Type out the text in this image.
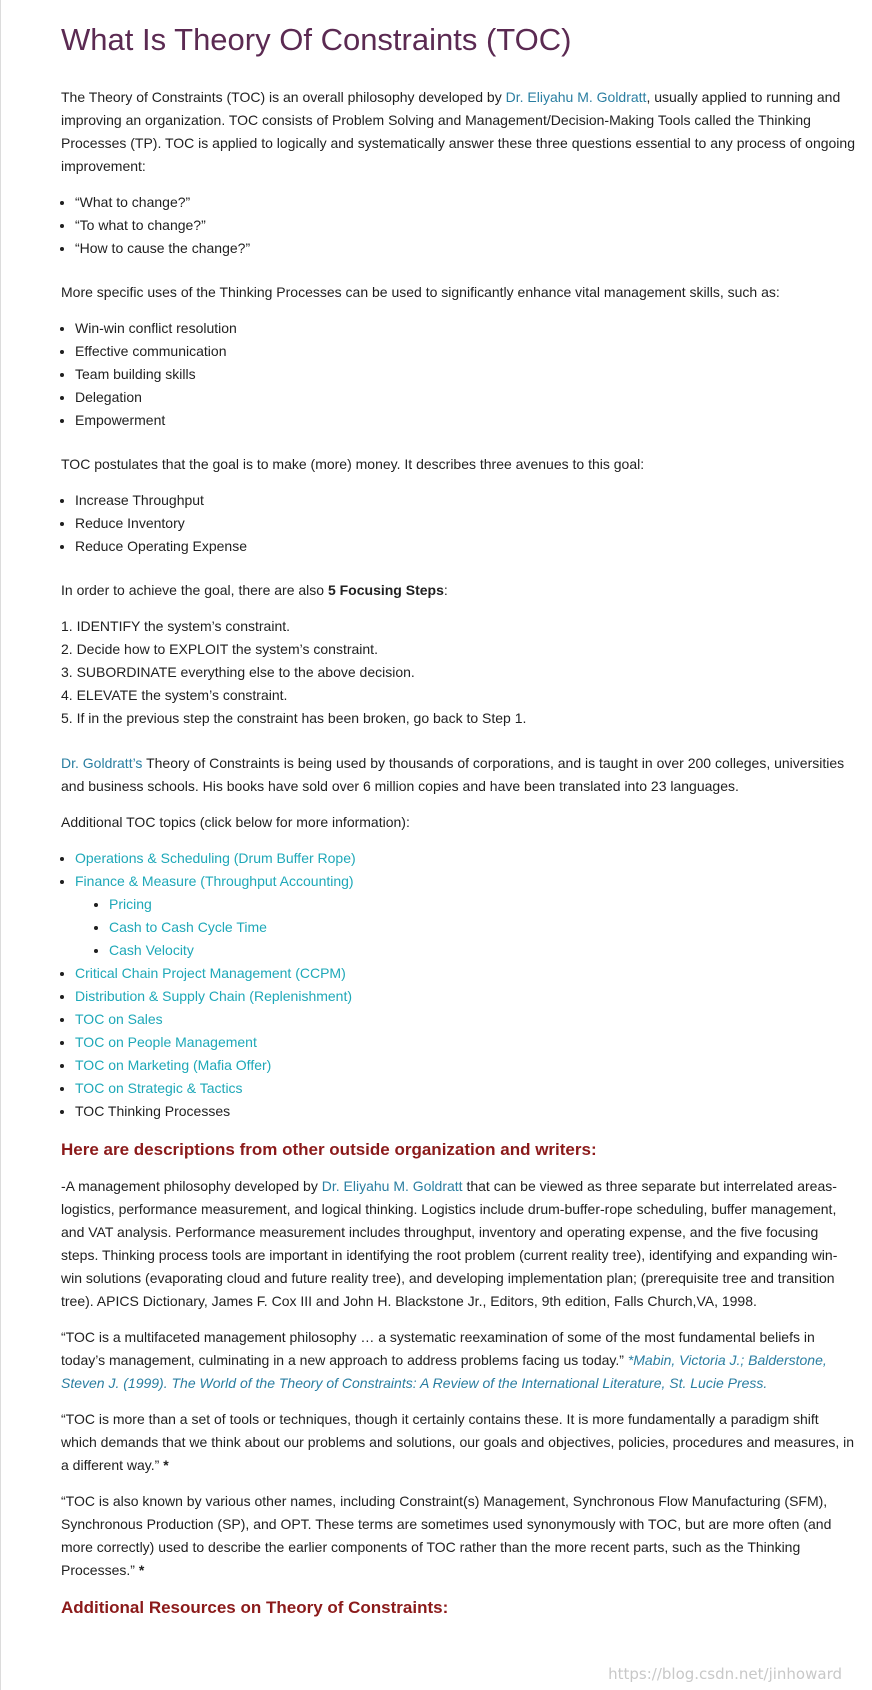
What Is Theory Of Constraints (TOC)

The Theory of Constraints (TOC) is an overall philosophy developed by Dr. Eliyahu M. Goldratt, usually applied to running and improving an organization. TOC consists of Problem Solving and Management/Decision-Making Tools called the Thinking Processes (TP). TOC is applied to logically and systematically answer these three questions essential to any process of ongoing improvement:

• “What to change?”
• “To what to change?”
• “How to cause the change?”

More specific uses of the Thinking Processes can be used to significantly enhance vital management skills, such as:

• Win-win conflict resolution
• Effective communication
• Team building skills
• Delegation
• Empowerment

TOC postulates that the goal is to make (more) money. It describes three avenues to this goal:

• Increase Throughput
• Reduce Inventory
• Reduce Operating Expense

In order to achieve the goal, there are also 5 Focusing Steps:

1. IDENTIFY the system’s constraint.
2. Decide how to EXPLOIT the system’s constraint.
3. SUBORDINATE everything else to the above decision.
4. ELEVATE the system’s constraint.
5. If in the previous step the constraint has been broken, go back to Step 1.

Dr. Goldratt’s Theory of Constraints is being used by thousands of corporations, and is taught in over 200 colleges, universities and business schools. His books have sold over 6 million copies and have been translated into 23 languages.

Additional TOC topics (click below for more information):

• Operations & Scheduling (Drum Buffer Rope)
• Finance & Measure (Throughput Accounting)
• Pricing
• Cash to Cash Cycle Time
• Cash Velocity
• Critical Chain Project Management (CCPM)
• Distribution & Supply Chain (Replenishment)
• TOC on Sales
• TOC on People Management
• TOC on Marketing (Mafia Offer)
• TOC on Strategic & Tactics
• TOC Thinking Processes
Here are descriptions from other outside organization and writers:

-A management philosophy developed by Dr. Eliyahu M. Goldratt that can be viewed as three separate but interrelated areas-logistics, performance measurement, and logical thinking. Logistics include drum-buffer-rope scheduling, buffer management, and VAT analysis. Performance measurement includes throughput, inventory and operating expense, and the five focusing steps. Thinking process tools are important in identifying the root problem (current reality tree), identifying and expanding win-win solutions (evaporating cloud and future reality tree), and developing implementation plan; (prerequisite tree and transition tree). APICS Dictionary, James F. Cox III and John H. Blackstone Jr., Editors, 9th edition, Falls Church,VA, 1998.

“TOC is a multifaceted management philosophy … a systematic reexamination of some of the most fundamental beliefs in today’s management, culminating in a new approach to address problems facing us today.” *Mabin, Victoria J.; Balderstone, Steven J. (1999). The World of the Theory of Constraints: A Review of the International Literature, St. Lucie Press.

“TOC is more than a set of tools or techniques, though it certainly contains these. It is more fundamentally a paradigm shift which demands that we think about our problems and solutions, our goals and objectives, policies, procedures and measures, in a different way.” *

“TOC is also known by various other names, including Constraint(s) Management, Synchronous Flow Manufacturing (SFM), Synchronous Production (SP), and OPT. These terms are sometimes used synonymously with TOC, but are more often (and more correctly) used to describe the earlier components of TOC rather than the more recent parts, such as the Thinking Processes.” *

Additional Resources on Theory of Constraints:
https://blog.csdn.net/jinhoward
